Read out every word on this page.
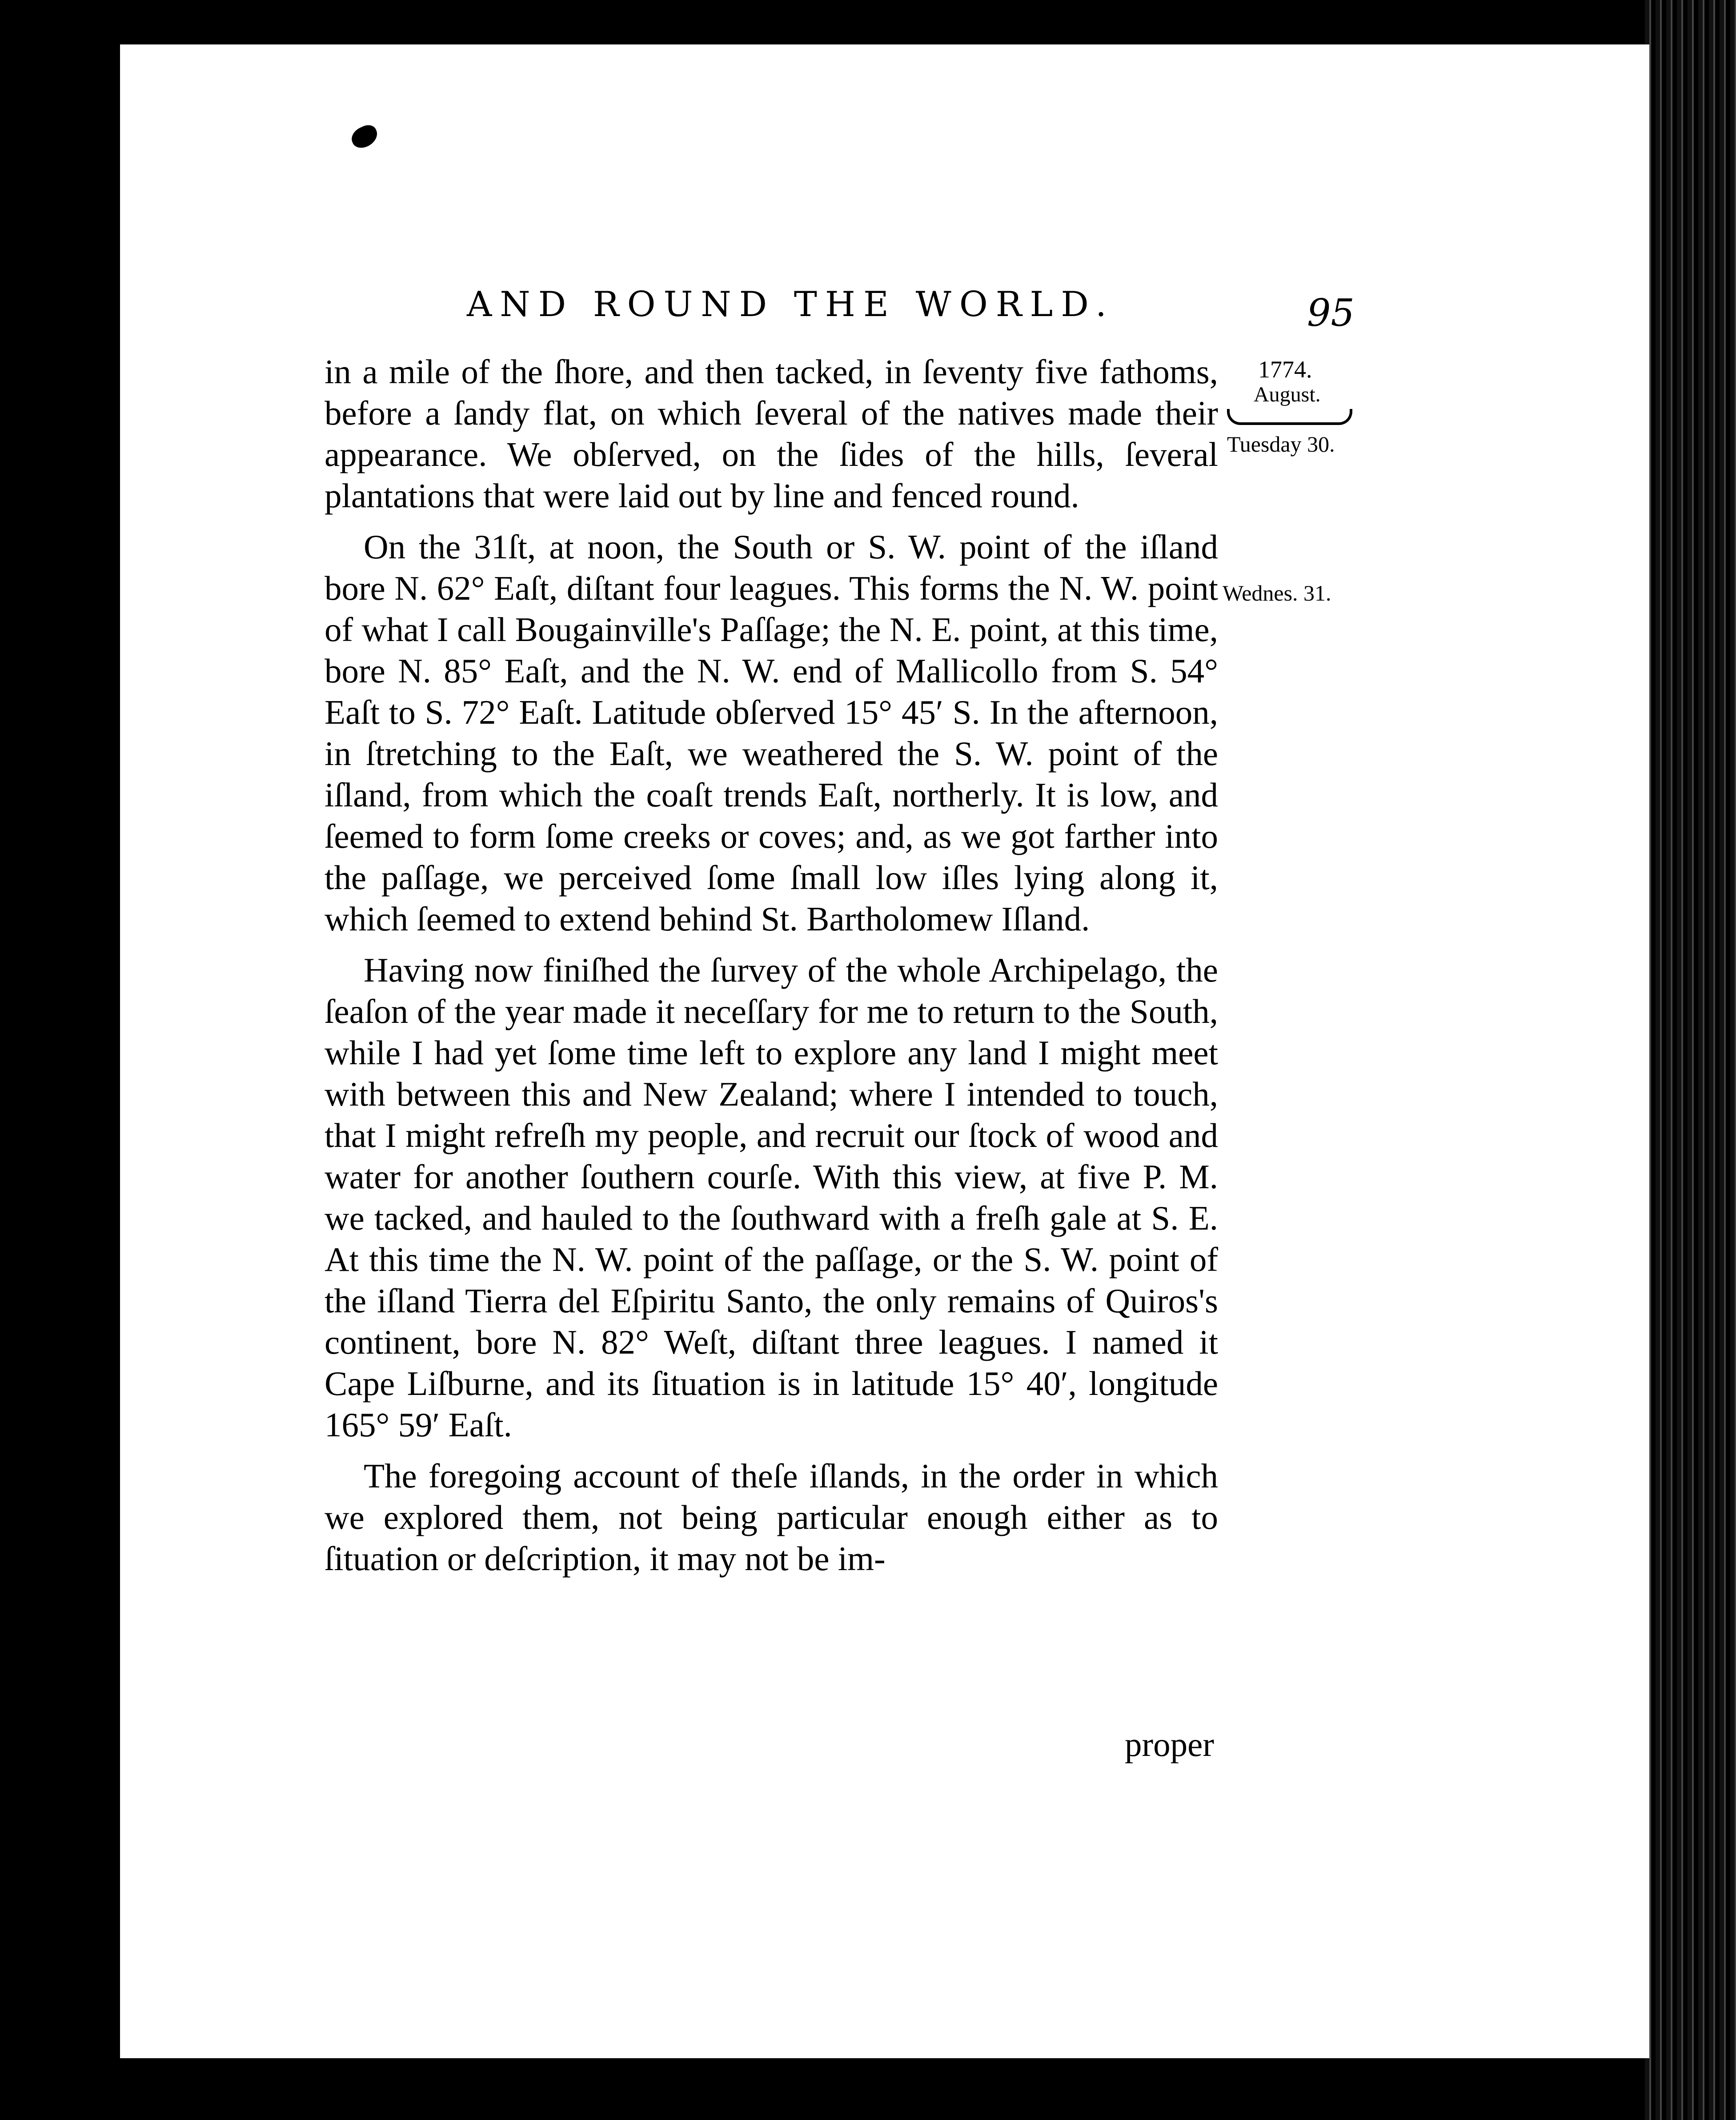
AND ROUND THE WORLD.	95
1774.
August.
Tuesday 30.
Wednes. 31.

in a mile of the ſhore, and then tacked, in ſeventy five fathoms, before a ſandy flat, on which ſeveral of the natives made their appearance. We obſerved, on the ſides of the hills, ſeveral plantations that were laid out by line and fenced round.

On the 31ſt, at noon, the South or S. W. point of the iſland bore N. 62° Eaſt, diſtant four leagues. This forms the N. W. point of what I call Bougainville's Paſſage; the N. E. point, at this time, bore N. 85° Eaſt, and the N. W. end of Mallicollo from S. 54° Eaſt to S. 72° Eaſt. Latitude obſerved 15° 45′ S. In the afternoon, in ſtretching to the Eaſt, we weathered the S. W. point of the iſland, from which the coaſt trends Eaſt, northerly. It is low, and ſeemed to form ſome creeks or coves; and, as we got farther into the paſſage, we perceived ſome ſmall low iſles lying along it, which ſeemed to extend behind St. Bartholomew Iſland.

Having now finiſhed the ſurvey of the whole Archipelago, the ſeaſon of the year made it neceſſary for me to return to the South, while I had yet ſome time left to explore any land I might meet with between this and New Zealand; where I intended to touch, that I might refreſh my people, and recruit our ſtock of wood and water for another ſouthern courſe. With this view, at five P. M. we tacked, and hauled to the ſouthward with a freſh gale at S. E. At this time the N. W. point of the paſſage, or the S. W. point of the iſland Tierra del Eſpiritu Santo, the only remains of Quiros's continent, bore N. 82° Weſt, diſtant three leagues. I named it Cape Liſburne, and its ſituation is in latitude 15° 40′, longitude 165° 59′ Eaſt.

The foregoing account of theſe iſlands, in the order in which we explored them, not being particular enough either as to ſituation or deſcription, it may not be im-

proper
